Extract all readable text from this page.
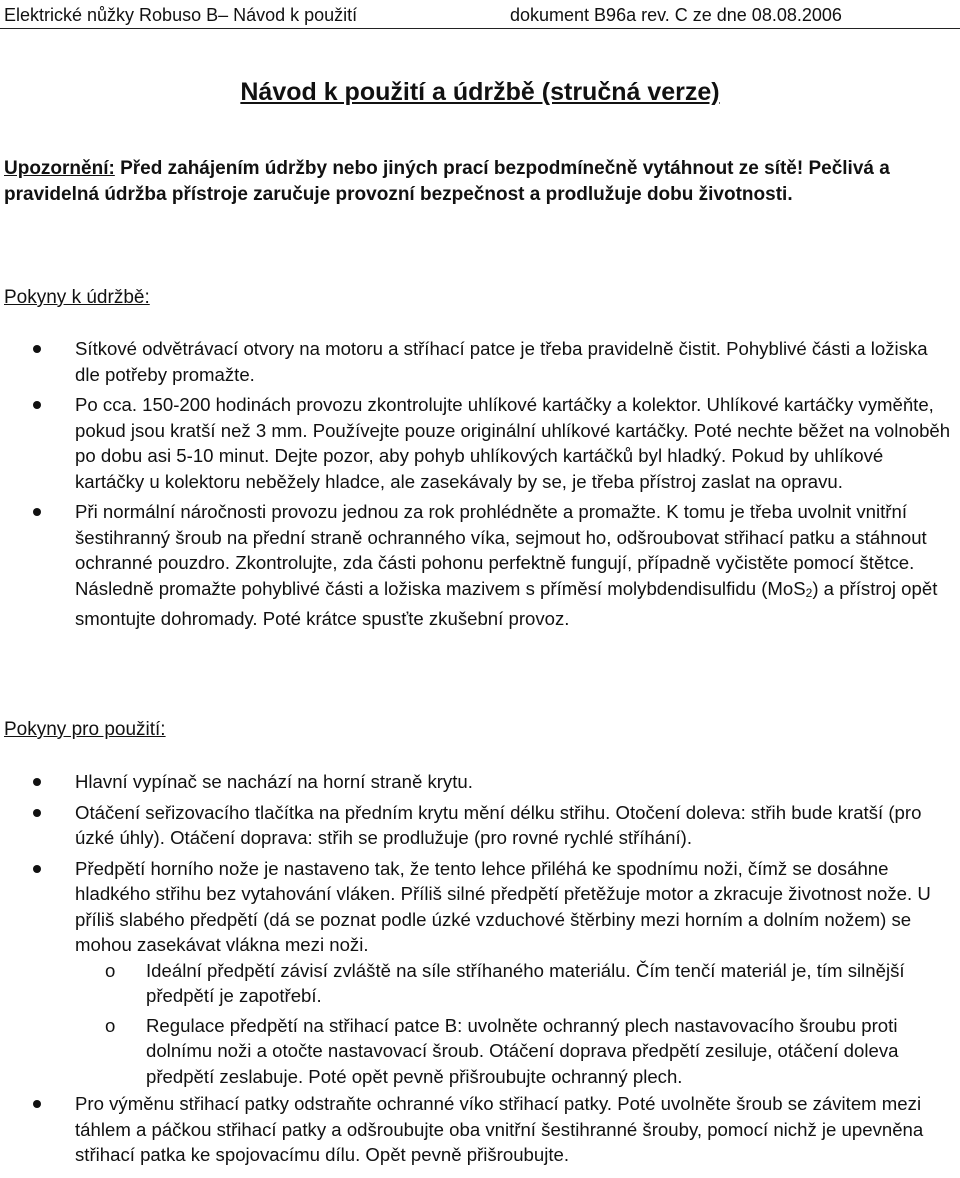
Elektrické nůžky Robuso B– Návod k použití	dokument B96a rev. C ze dne 08.08.2006
Návod k použití a údržbě (stručná verze)
Upozornění: Před zahájením údržby nebo jiných prací bezpodmínečně vytáhnout ze sítě! Pečlivá a pravidelná údržba přístroje zaručuje provozní bezpečnost a prodlužuje dobu životnosti.
Pokyny k údržbě:
Sítkové odvětrávací otvory na motoru a stříhací patce je třeba pravidelně čistit. Pohyblivé části a ložiska dle potřeby promažte.
Po cca. 150-200 hodinách provozu zkontrolujte uhlíkové kartáčky a kolektor. Uhlíkové kartáčky vyměňte, pokud jsou kratší než 3 mm. Používejte pouze originální uhlíkové kartáčky. Poté nechte běžet na volnoběh po dobu asi 5-10 minut. Dejte pozor, aby pohyb uhlíkových kartáčků byl hladký. Pokud by uhlíkové kartáčky u kolektoru neběžely hladce, ale zasekávaly by se, je třeba přístroj zaslat na opravu.
Při normální náročnosti provozu jednou za rok prohlédněte a promažte. K tomu je třeba uvolnit vnitřní šestihranný šroub na přední straně ochranného víka, sejmout ho, odšroubovat střihací patku a stáhnout ochranné pouzdro. Zkontrolujte, zda části pohonu perfektně fungují, případně vyčistěte pomocí štětce. Následně promažte pohyblivé části a ložiska mazivem s příměsí molybdendisulfidu (MoS$_2$) a přístroj opět smontujte dohromady. Poté krátce spusťte zkušební provoz.
Pokyny pro použití:
Hlavní vypínač se nachází na horní straně krytu.
Otáčení seřizovacího tlačítka na předním krytu mění délku střihu. Otočení doleva: střih bude kratší (pro úzké úhly). Otáčení doprava: střih se prodlužuje (pro rovné rychlé stříhání).
Předpětí horního nože je nastaveno tak, že tento lehce přiléhá ke spodnímu noži, čímž se dosáhne hladkého střihu bez vytahování vláken. Příliš silné předpětí přetěžuje motor a zkracuje životnost nože. U příliš slabého předpětí (dá se poznat podle úzké vzduchové štěrbiny mezi horním a dolním nožem) se mohou zasekávat vlákna mezi noži.
o Ideální předpětí závisí zvláště na síle stříhaného materiálu. Čím tenčí materiál je, tím silnější předpětí je zapotřebí.
o Regulace předpětí na střihací patce B: uvolněte ochranný plech nastavovacího šroubu proti dolnímu noži a otočte nastavovací šroub. Otáčení doprava předpětí zesiluje, otáčení doleva předpětí zeslabuje. Poté opět pevně přišroubujte ochranný plech.
Pro výměnu střihací patky odstraňte ochranné víko střihací patky. Poté uvolněte šroub se závitem mezi táhlem a páčkou střihací patky a odšroubujte oba vnitřní šestihranné šrouby, pomocí nichž je upevněna střihací patka ke spojovacímu dílu. Opět pevně přišroubujte.
